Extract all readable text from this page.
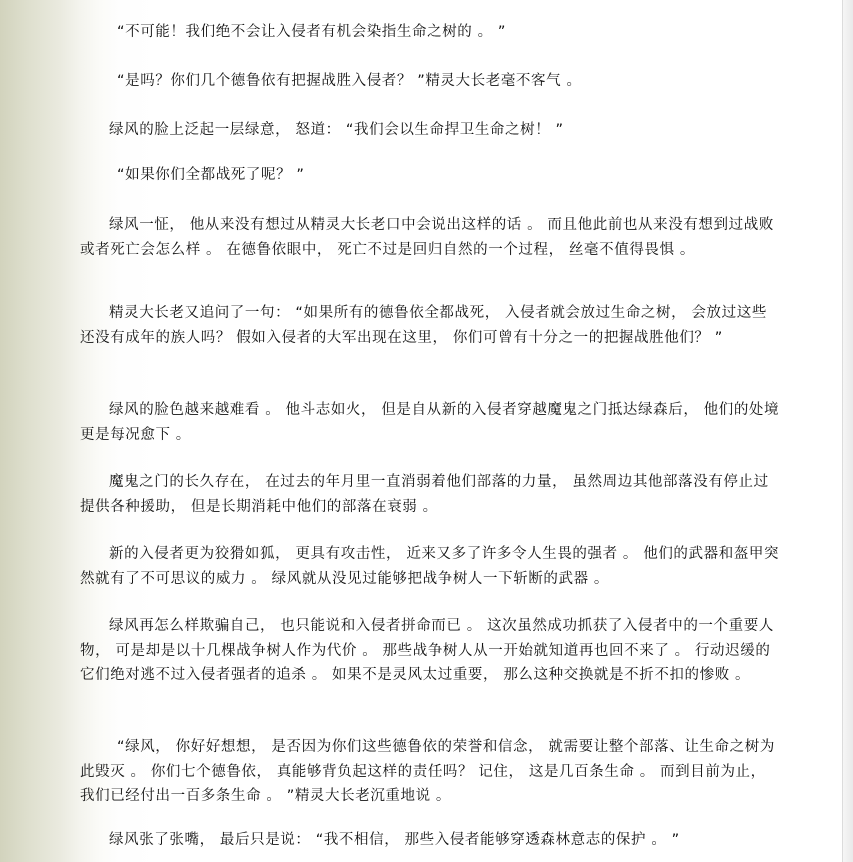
“不可能！我们绝不会让入侵者有机会染指生命之树的 。 ”

“是吗？你们几个德鲁依有把握战胜入侵者？ ”精灵大长老毫不客气 。

绿风的脸上泛起一层绿意， 怒道： “我们会以生命捍卫生命之树！ ”

“如果你们全都战死了呢？ ”

绿风一怔， 他从来没有想过从精灵大长老口中会说出这样的话 。 而且他此前也从来没有想到过战败或者死亡会怎么样 。 在德鲁依眼中， 死亡不过是回归自然的一个过程， 丝毫不值得畏惧 。

精灵大长老又追问了一句： “如果所有的德鲁依全都战死， 入侵者就会放过生命之树， 会放过这些还没有成年的族人吗？ 假如入侵者的大军出现在这里， 你们可曾有十分之一的把握战胜他们？ ”

绿风的脸色越来越难看 。 他斗志如火， 但是自从新的入侵者穿越魔鬼之门抵达绿森后， 他们的处境更是每况愈下 。

魔鬼之门的长久存在， 在过去的年月里一直消弱着他们部落的力量， 虽然周边其他部落没有停止过提供各种援助， 但是长期消耗中他们的部落在衰弱 。

新的入侵者更为狡猾如狐， 更具有攻击性， 近来又多了许多令人生畏的强者 。 他们的武器和盔甲突然就有了不可思议的威力 。 绿风就从没见过能够把战争树人一下斩断的武器 。

绿风再怎么样欺骗自己， 也只能说和入侵者拼命而已 。 这次虽然成功抓获了入侵者中的一个重要人物， 可是却是以十几棵战争树人作为代价 。 那些战争树人从一开始就知道再也回不来了 。 行动迟缓的它们绝对逃不过入侵者强者的追杀 。 如果不是灵风太过重要， 那么这种交换就是不折不扣的惨败 。

“绿风， 你好好想想， 是否因为你们这些德鲁依的荣誉和信念， 就需要让整个部落、让生命之树为此毁灭 。 你们七个德鲁依， 真能够背负起这样的责任吗？ 记住， 这是几百条生命 。 而到目前为止， 我们已经付出一百多条生命 。 ”精灵大长老沉重地说 。

绿风张了张嘴， 最后只是说： “我不相信， 那些入侵者能够穿透森林意志的保护 。 ”
